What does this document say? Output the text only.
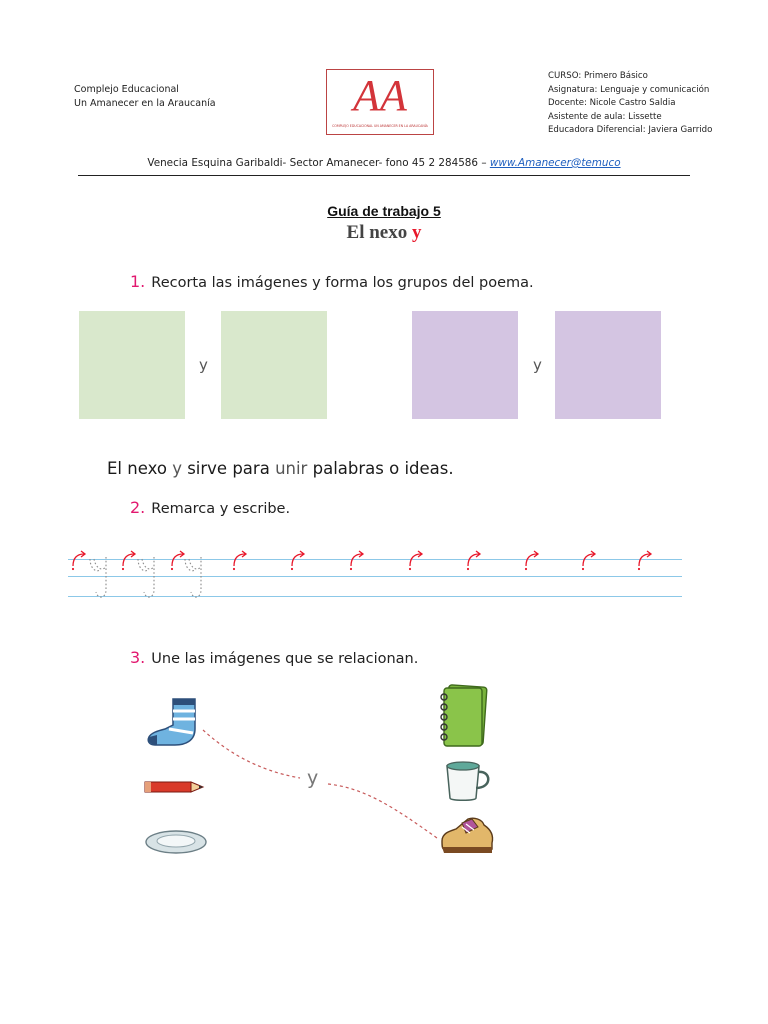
Complejo Educacional
Un Amanecer en la Araucanía	AA
COMPLEJO EDUCACIONAL UN AMANECER EN LA ARAUCANÍA
CURSO: Primero Básico
Asignatura: Lenguaje y comunicación
Docente: Nicole Castro Saldia
Asistente de aula: Lissette
Educadora Diferencial: Javiera Garrido
Venecia Esquina Garibaldi- Sector Amanecer- fono 45 2 284586 – www.Amanecer@temuco
Guía de trabajo 5
El nexo y
1. Recorta las imágenes y forma los grupos del poema.
y	y
El nexo y sirve para unir palabras o ideas.
2. Remarca y escribe.
3. Une las imágenes que se relacionan.
y
